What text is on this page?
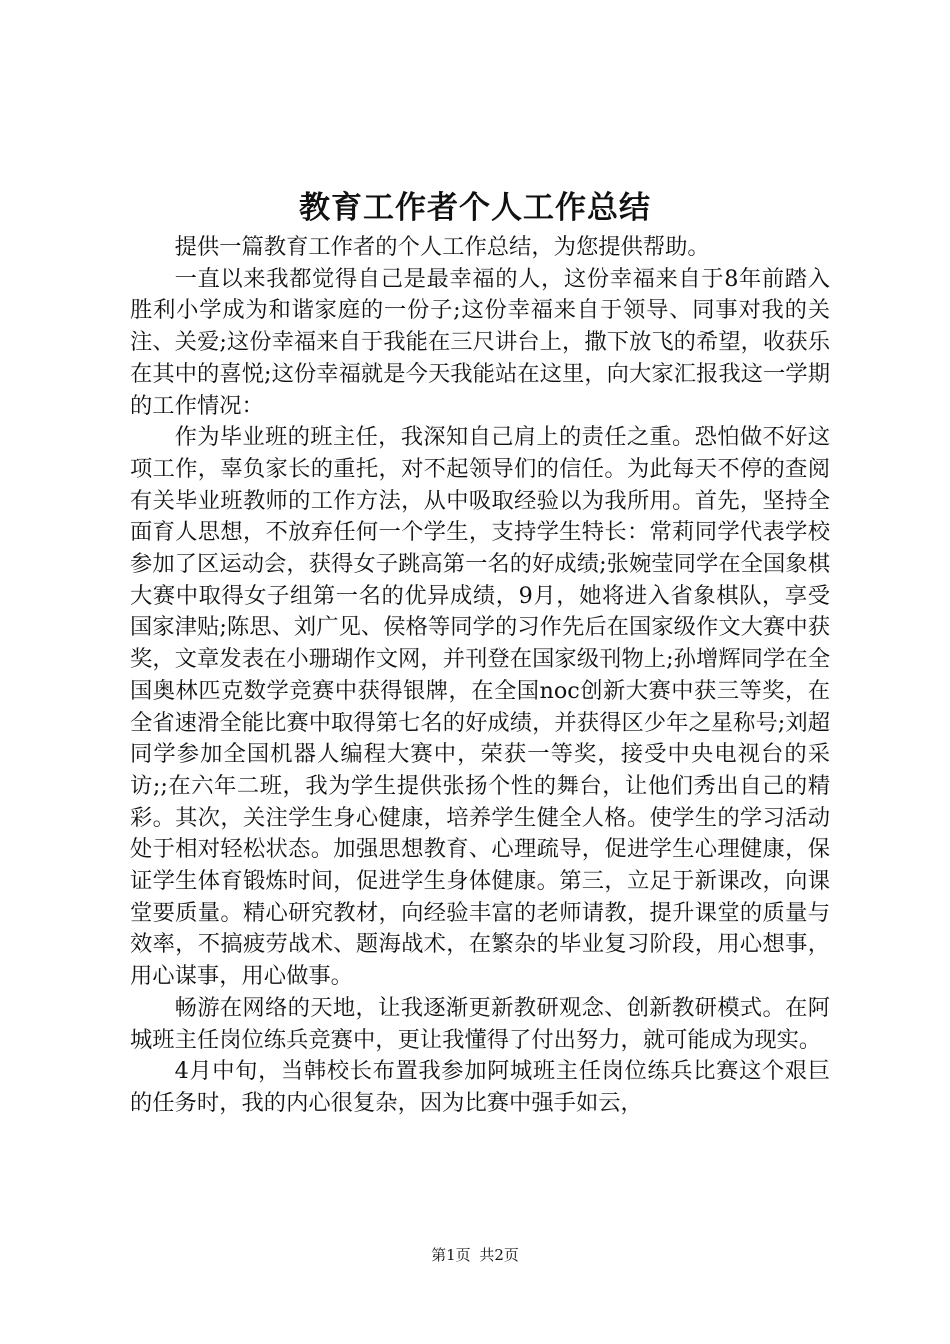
教育工作者个人工作总结

提供一篇教育工作者的个人工作总结，为您提供帮助。

一直以来我都觉得自己是最幸福的人，这份幸福来自于8年前踏入胜利小学成为和谐家庭的一份子;这份幸福来自于领导、同事对我的关注、关爱;这份幸福来自于我能在三尺讲台上，撒下放飞的希望，收获乐在其中的喜悦;这份幸福就是今天我能站在这里，向大家汇报我这一学期的工作情况：

作为毕业班的班主任，我深知自己肩上的责任之重。恐怕做不好这项工作，辜负家长的重托，对不起领导们的信任。为此每天不停的查阅有关毕业班教师的工作方法，从中吸取经验以为我所用。首先，坚持全面育人思想，不放弃任何一个学生，支持学生特长：常莉同学代表学校参加了区运动会，获得女子跳高第一名的好成绩;张婉莹同学在全国象棋大赛中取得女子组第一名的优异成绩，9月，她将进入省象棋队，享受国家津贴;陈思、刘广见、侯格等同学的习作先后在国家级作文大赛中获奖，文章发表在小珊瑚作文网，并刊登在国家级刊物上;孙增辉同学在全国奥林匹克数学竞赛中获得银牌，在全国noc创新大赛中获三等奖，在全省速滑全能比赛中取得第七名的好成绩，并获得区少年之星称号;刘超同学参加全国机器人编程大赛中，荣获一等奖，接受中央电视台的采访;;在六年二班，我为学生提供张扬个性的舞台，让他们秀出自己的精彩。其次，关注学生身心健康，培养学生健全人格。使学生的学习活动处于相对轻松状态。加强思想教育、心理疏导，促进学生心理健康，保证学生体育锻炼时间，促进学生身体健康。第三，立足于新课改，向课堂要质量。精心研究教材，向经验丰富的老师请教，提升课堂的质量与效率，不搞疲劳战术、题海战术，在繁杂的毕业复习阶段，用心想事，用心谋事，用心做事。

畅游在网络的天地，让我逐渐更新教研观念、创新教研模式。在阿城班主任岗位练兵竞赛中，更让我懂得了付出努力，就可能成为现实。

4月中旬，当韩校长布置我参加阿城班主任岗位练兵比赛这个艰巨的任务时，我的内心很复杂，因为比赛中强手如云，

第1页 共2页
